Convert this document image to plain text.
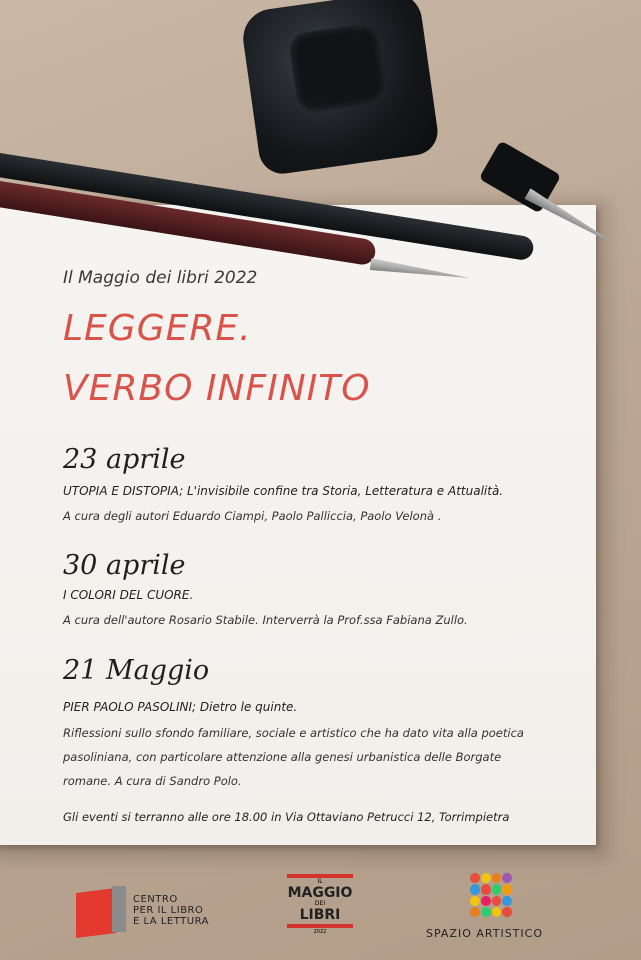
Il Maggio dei libri 2022
LEGGERE.
VERBO INFINITO
23 aprile
UTOPIA E DISTOPIA; L'invisibile confine tra Storia, Letteratura e Attualità.
A cura degli autori Eduardo Ciampi, Paolo Palliccia, Paolo Velonà .
30 aprile
I COLORI DEL CUORE.
A cura dell'autore Rosario Stabile. Interverrà la Prof.ssa Fabiana Zullo.
21 Maggio
PIER PAOLO PASOLINI; Dietro le quinte.
Riflessioni sullo sfondo familiare, sociale e artistico che ha dato vita alla poetica
pasoliniana, con particolare attenzione alla genesi urbanistica delle Borgate
romane. A cura di Sandro Polo.
Gli eventi si terranno alle ore 18.00 in Via Ottaviano Petrucci 12, Torrimpietra
CENTRO
PER IL LIBRO
E LA LETTURA
IL
MAGGIO
DEI
LIBRI
2022	SPAZIO ARTISTICO
